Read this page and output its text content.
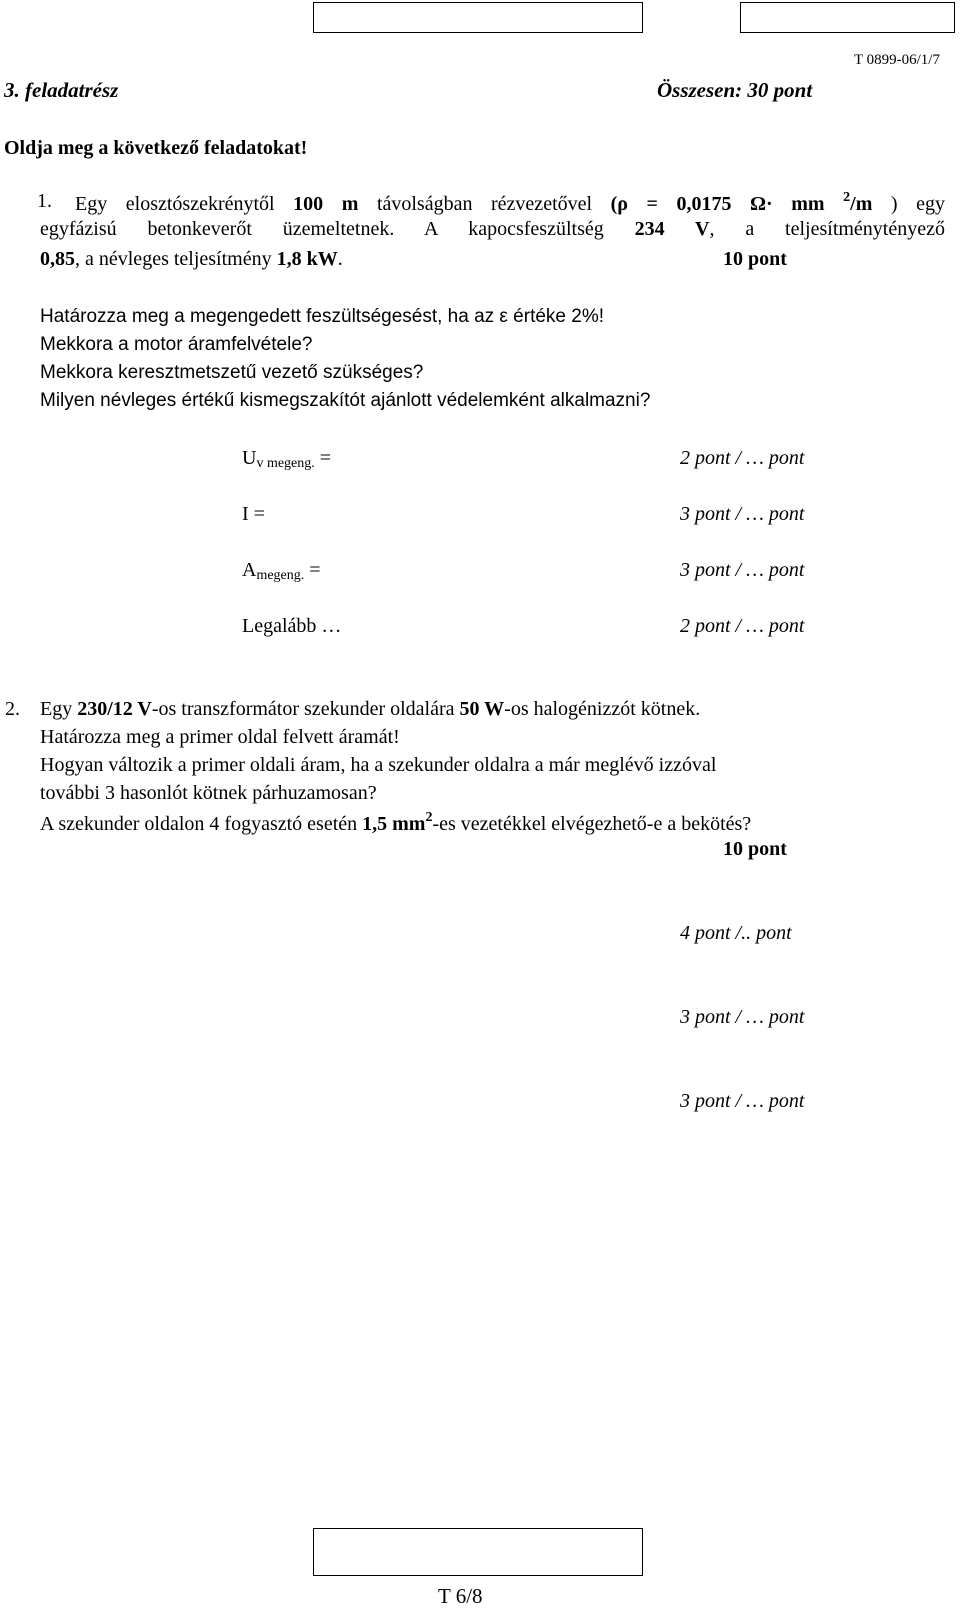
T 0899-06/1/7
3. feladatrész	Összesen: 30 pont
Oldja meg a következő feladatokat!
1. Egy elosztószekrénytől 100 m távolságban rézvezetővel (ρ = 0,0175 Ω· mm $^2$/m ) egy
egyfázisú betonkeverőt üzemeltetnek. A kapocsfeszültség 234 V, a teljesítménytényező
0,85, a névleges teljesítmény 1,8 kW.	10 pont
Határozza meg a megengedett feszültségesést, ha az ε értéke 2%!
Mekkora a motor áramfelvétele?
Mekkora keresztmetszetű vezető szükséges?
Milyen névleges értékű kismegszakítót ajánlott védelemként alkalmazni?
$U_{v megeng.}$ =	2 pont / … pont
I =	3 pont / … pont
$A_{megeng.}$ =	3 pont / … pont
Legalább …	2 pont / … pont
2. Egy 230/12 V-os transzformátor szekunder oldalára 50 W-os halogénizzót kötnek.
Határozza meg a primer oldal felvett áramát!
Hogyan változik a primer oldali áram, ha a szekunder oldalra a már meglévő izzóval
további 3 hasonlót kötnek párhuzamosan?
A szekunder oldalon 4 fogyasztó esetén 1,5 $mm^2-es$ vezetékkel elvégezhető-e a bekötés?
10 pont
4 pont /.. pont
3 pont / … pont
3 pont / … pont
T 6/8
